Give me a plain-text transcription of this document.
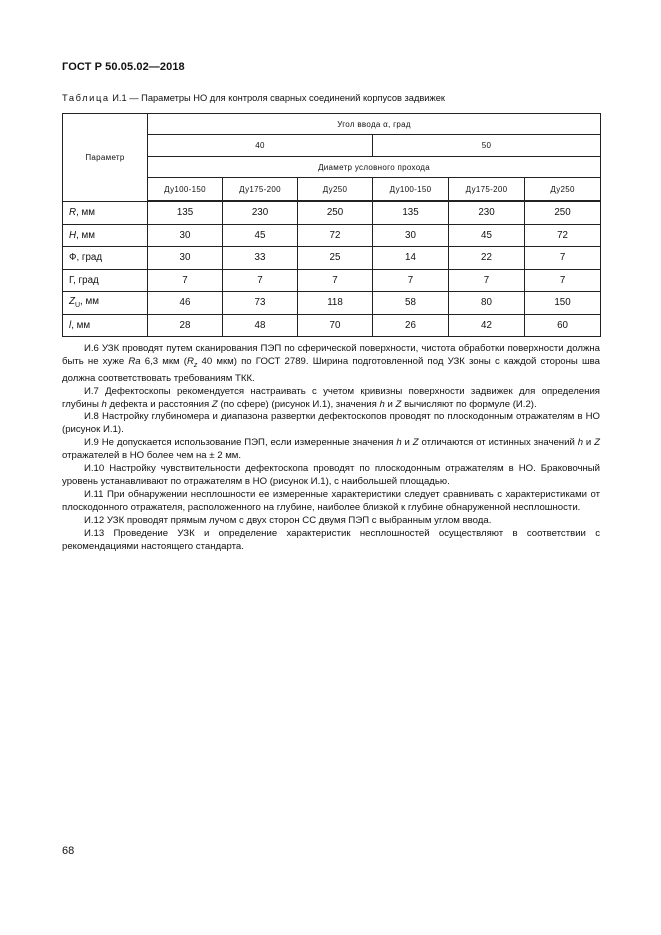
ГОСТ Р 50.05.02—2018
Таблица И.1 — Параметры НО для контроля сварных соединений корпусов задвижек
Параметр	Угол ввода α, град					
	40			50		
	Диаметр условного прохода					
	Ду100-150	Ду175-200	Ду250	Ду100-150	Ду175-200	Ду250
R, мм	135	230	250	135	230	250
H, мм	30	45	72	30	45	72
Ф, град	30	33	25	14	22	7
Г, град	7	7	7	7	7	7
$Z_U$, мм	46	73	118	58	80	150
l, мм	28	48	70	26	42	60

И.6 УЗК проводят путем сканирования ПЭП по сферической поверхности, чистота обработки поверхности должна быть не хуже Ra 6,3 мкм ($R_z$ 40 мкм) по ГОСТ 2789. Ширина подготовленной под УЗК зоны с каждой стороны шва должна соответствовать требованиям ТКК.

И.7 Дефектоскопы рекомендуется настраивать с учетом кривизны поверхности задвижек для определения глубины h дефекта и расстояния Z (по сфере) (рисунок И.1), значения h и Z вычисляют по формуле (И.2).

И.8 Настройку глубиномера и диапазона развертки дефектоскопов проводят по плоскодонным отражателям в НО (рисунок И.1).

И.9 Не допускается использование ПЭП, если измеренные значения h и Z отличаются от истинных значений h и Z отражателей в НО более чем на ± 2 мм.

И.10 Настройку чувствительности дефектоскопа проводят по плоскодонным отражателям в НО. Браковочный уровень устанавливают по отражателям в НО (рисунок И.1), с наибольшей площадью.

И.11 При обнаружении несплошности ее измеренные характеристики следует сравнивать с характеристиками от плоскодонного отражателя, расположенного на глубине, наиболее близкой к глубине обнаруженной несплошности.

И.12 УЗК проводят прямым лучом с двух сторон СС двумя ПЭП с выбранным углом ввода.

И.13 Проведение УЗК и определение характеристик несплошностей осуществляют в соответствии с рекомендациями настоящего стандарта.

68
